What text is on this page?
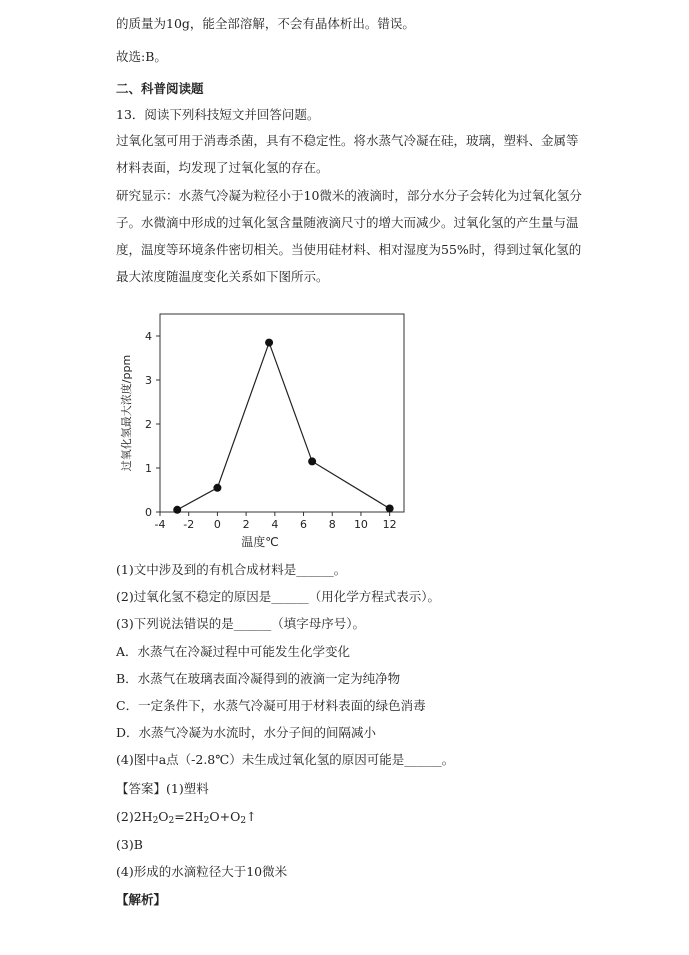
的质量为10g，能全部溶解，不会有晶体析出。错误。
故选:B。
二、科普阅读题
13．阅读下列科技短文并回答问题。
过氧化氢可用于消毒杀菌，具有不稳定性。将水蒸气冷凝在硅，玻璃，塑料、金属等
材料表面，均发现了过氧化氢的存在。
研究显示：水蒸气冷凝为粒径小于10微米的液滴时，部分水分子会转化为过氧化氢分
子。水微滴中形成的过氧化氢含量随液滴尺寸的增大而减少。过氧化氢的产生量与温
度，温度等环境条件密切相关。当使用硅材料、相对湿度为55%时，得到过氧化氢的
最大浓度随温度变化关系如下图所示。
-4 -2 0 2 4 6 8 10 12
0
1
2
3
4
温度℃
过氧化氢最大浓度/ppm
(1)文中涉及到的有机合成材料是______。
(2)过氧化氢不稳定的原因是______（用化学方程式表示）。
(3)下列说法错误的是______（填字母序号）。
A．水蒸气在冷凝过程中可能发生化学变化
B．水蒸气在玻璃表面冷凝得到的液滴一定为纯净物
C．一定条件下，水蒸气冷凝可用于材料表面的绿色消毒
D．水蒸气冷凝为水流时，水分子间的间隔减小
(4)图中a点（-2.8℃）未生成过氧化氢的原因可能是______。
【答案】(1)塑料
$(2)2H_2O_2=2H_2O+O_2↑$
(3)B
(4)形成的水滴粒径大于10微米
【解析】
